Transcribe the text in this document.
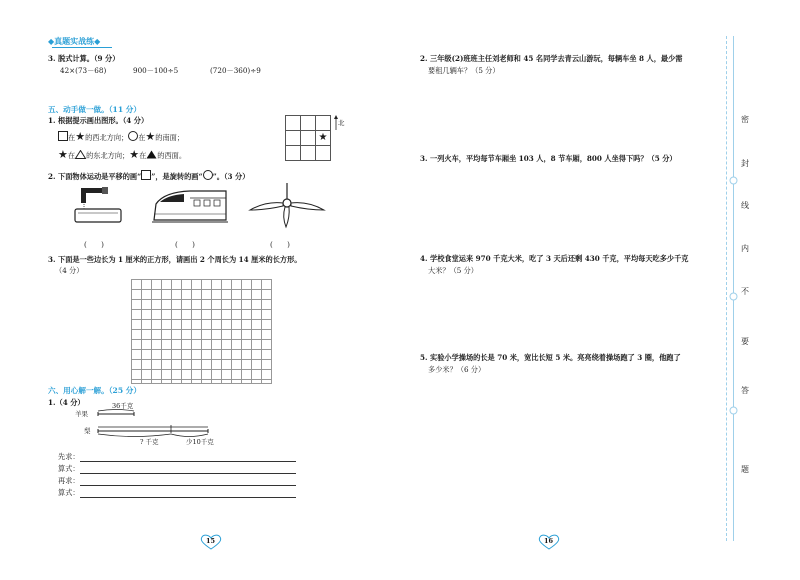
◆真题实战练◆
3. 脱式计算。（9 分）
42×(73－68)	900－100÷5	(720－360)÷9
五、动手做一做。（11 分）
1. 根据提示画出图形。（4 分）
在★的西北方向； 在★的南面；
★在 的东北方向；★在 的西面。

		★

北
2. 下面物体运动是平移的画“ ”，是旋转的画“ ”。（3 分）
(　　)	(　　)	(　　)
3. 下面是一些边长为 1 厘米的正方形，请画出 2 个周长为 14 厘米的长方形。
（4 分）
六、用心解一解。（25 分）
1.（4 分）
羊果
36千克
梨
? 千克	少10千克
先求：
算式：
再求：
算式：
15
2. 三年级(2)班班主任刘老师和 45 名同学去青云山游玩，每辆车坐 8 人，最少需
要租几辆车？（5 分）
3. 一列火车，平均每节车厢坐 103 人，8 节车厢，800 人坐得下吗？（5 分）
4. 学校食堂运来 970 千克大米，吃了 3 天后还剩 430 千克，平均每天吃多少千克
大米？（5 分）
5. 实验小学操场的长是 70 米，宽比长短 5 米。亮亮绕着操场跑了 3 圈，他跑了
多少米？（6 分）
16
密
封
线
内
不
要
答
题
